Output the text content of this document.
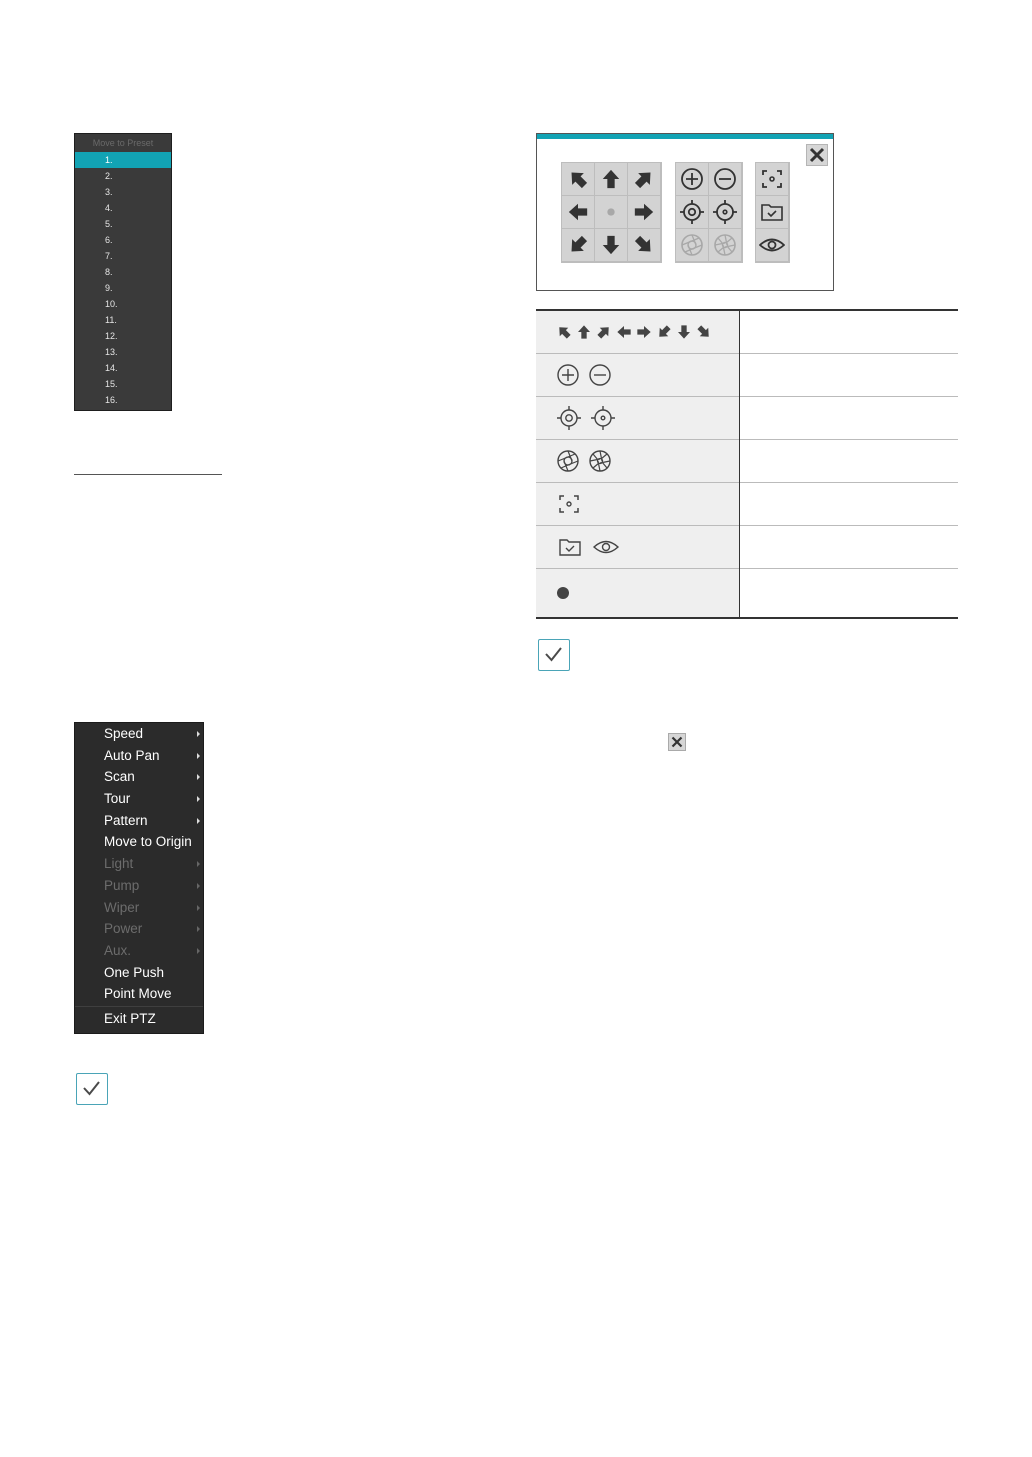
Move to Preset
1.
2.
3.
4.
5.
6.
7.
8.
9.
10.
11.
12.
13.
14.
15.
16.
Speed
Auto Pan
Scan
Tour
Pattern
Move to Origin
Light
Pump
Wiper
Power
Aux.
One Push
Point Move
Exit PTZ
